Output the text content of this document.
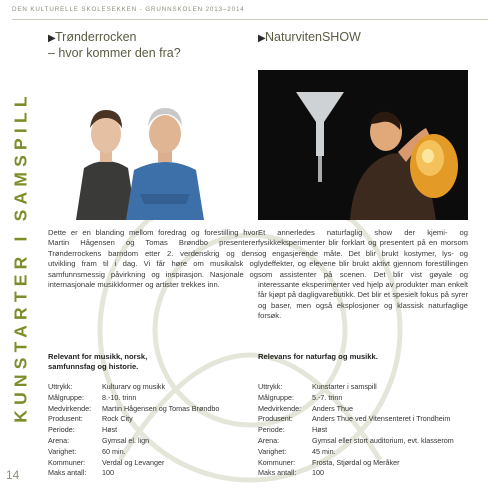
DEN KULTURELLE SKOLESEKKEN - GRUNNSKOLEN 2013–2014
KUNSTARTER I SAMSPILL
14
▶Trønderrocken
– hvor kommer den fra?
Dette er en blanding mellom foredrag og forestilling hvor Martin Hågensen og Tomas Brøndbo presenterer Trønderrockens barndom etter 2. verdenskrig og dens utvikling fram til i dag. Vi får høre om musikalsk og samfunnsmessig påvirkning og inspirasjon. Nasjonale og internasjonale musikkformer og artister trekkes inn.
Relevant for musikk, norsk,
samfunnsfag og historie.
Uttrykk:	Kulturarv og musikk
Målgruppe:	8.-10. trinn
Medvirkende:	Martin Hågensen og Tomas Brøndbo
Produsent:	Rock City
Periode:	Høst
Arena:	Gymsal el. lign
Varighet:	60 min.
Kommuner:	Verdal og Levanger
Maks antall:	100
▶NaturvitenSHOW
Et annerledes naturfaglig show der kjemi- og fysikkeksperimenter blir forklart og presentert på en morsom og engasjerende måte. Det blir brukt kostymer, lys- og lydeffekter, og elevene blir brukt aktivt gjennom forestillingen som assistenter på scenen. Det blir vist gøyale og interessante eksperimenter ved hjelp av produkter man enkelt får kjøpt på dagligvarebutikk. Det blir et spesielt fokus på syrer og baser, men også eksplosjoner og klassisk naturfaglige forsøk.
Relevans for naturfag og musikk.
Uttrykk:	Kunstarter i samspill
Målgruppe:	5.-7. trinn
Medvirkende:	Anders Thue
Produsent:	Anders Thue ved Vitensenteret i Trondheim
Periode:	Høst
Arena:	Gymsal eller stort auditorium, evt. klasserom
Varighet:	45 min.
Kommuner:	Frosta, Stjørdal og Meråker
Maks antall:	100
